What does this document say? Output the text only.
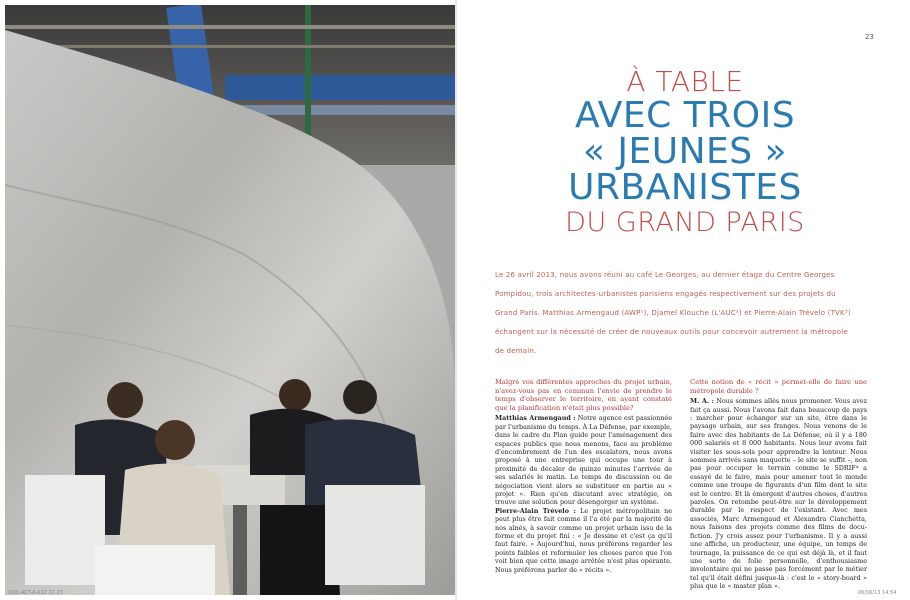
23
À TABLE
AVEC TROIS
« JEUNES »
URBANISTES
DU GRAND PARIS
Le 26 avril 2013, nous avons réuni au café Le Georges, au dernier étage du Centre Georges Pompidou, trois architectes-urbanistes parisiens engagés respectivement sur des projets du Grand Paris. Matthias Armengaud (AWP¹), Djamel Klouche (L'AUC²) et Pierre-Alain Trévelo (TVK³) échangent sur la nécessité de créer de nouveaux outils pour concevoir autrement la métropole de demain.
Malgré vos différentes approches du projet urbain, n'avez-vous pas en commun l'envie de prendre le temps d'observer le territoire, en ayant constaté que la planification n'était plus possible?

Matthias Armengaud : Notre agence est passionnée par l'urbanisme du temps. À La Défense, par exemple, dans le cadre du Plan guide pour l'aménagement des espaces publics que nous menons, face au problème d'encombrement de l'un des escalators, nous avons proposé à une entreprise qui occupe une tour à proximité de décaler de quinze minutes l'arrivée de ses salariés le matin. Le temps de discussion ou de négociation vient alors se substituer en partie au « projet ». Rien qu'en discutant avec stratégie, on trouve une solution pour désengorger un système.

Pierre-Alain Trévelo : Le projet métropolitain ne peut plus être fait comme il l'a été par la majorité de nos aînés, à savoir comme un projet urbain issu de la forme et du projet fini : « Je dessine et c'est ça qu'il faut faire. » Aujourd'hui, nous préférons regarder les points faibles et reformuler les choses parce que l'on voit bien que cette image arrêtée n'est plus opérante. Nous préférons parler de « récits ».

Cette notion de « récit » permet-elle de faire une métropole durable ?

M. A. : Nous sommes allés nous promener. Vous avez fait ça aussi. Nous l'avons fait dans beaucoup de pays : marcher pour échanger sur un site, être dans le paysage urbain, sur ses franges. Nous venons de le faire avec des habitants de La Défense, où il y a 180 000 salariés et 8 000 habitants. Nous leur avons fait visiter les sous-sols pour apprendre la lenteur. Nous sommes arrivés sans maquette – le site se suffit –, non pas pour occuper le terrain comme le SDRIF⁴ a essayé de le faire, mais pour amener tout le monde comme une troupe de figurants d'un film dont le site est le centre. Et là émergent d'autres choses, d'autres paroles. On retombe peut-être sur le développement durable par le respect de l'existant. Avec mes associés, Marc Armengaud et Alexandra Cianchetta, nous faisons des projets comme des films de docu-fiction. J'y crois assez pour l'urbanisme. Il y a aussi une affiche, un producteur, une équipe, un temps de tournage, la puissance de ce qui est déjà là, et il faut une sorte de folie personnelle, d'enthousiasme involontaire qui ne passe pas forcément par le métier tel qu'il était défini jusque-là : c'est le « story-board » plus que le « master plan ».

DOC-ACT-A-012 22-23	06/06/13 14:54
